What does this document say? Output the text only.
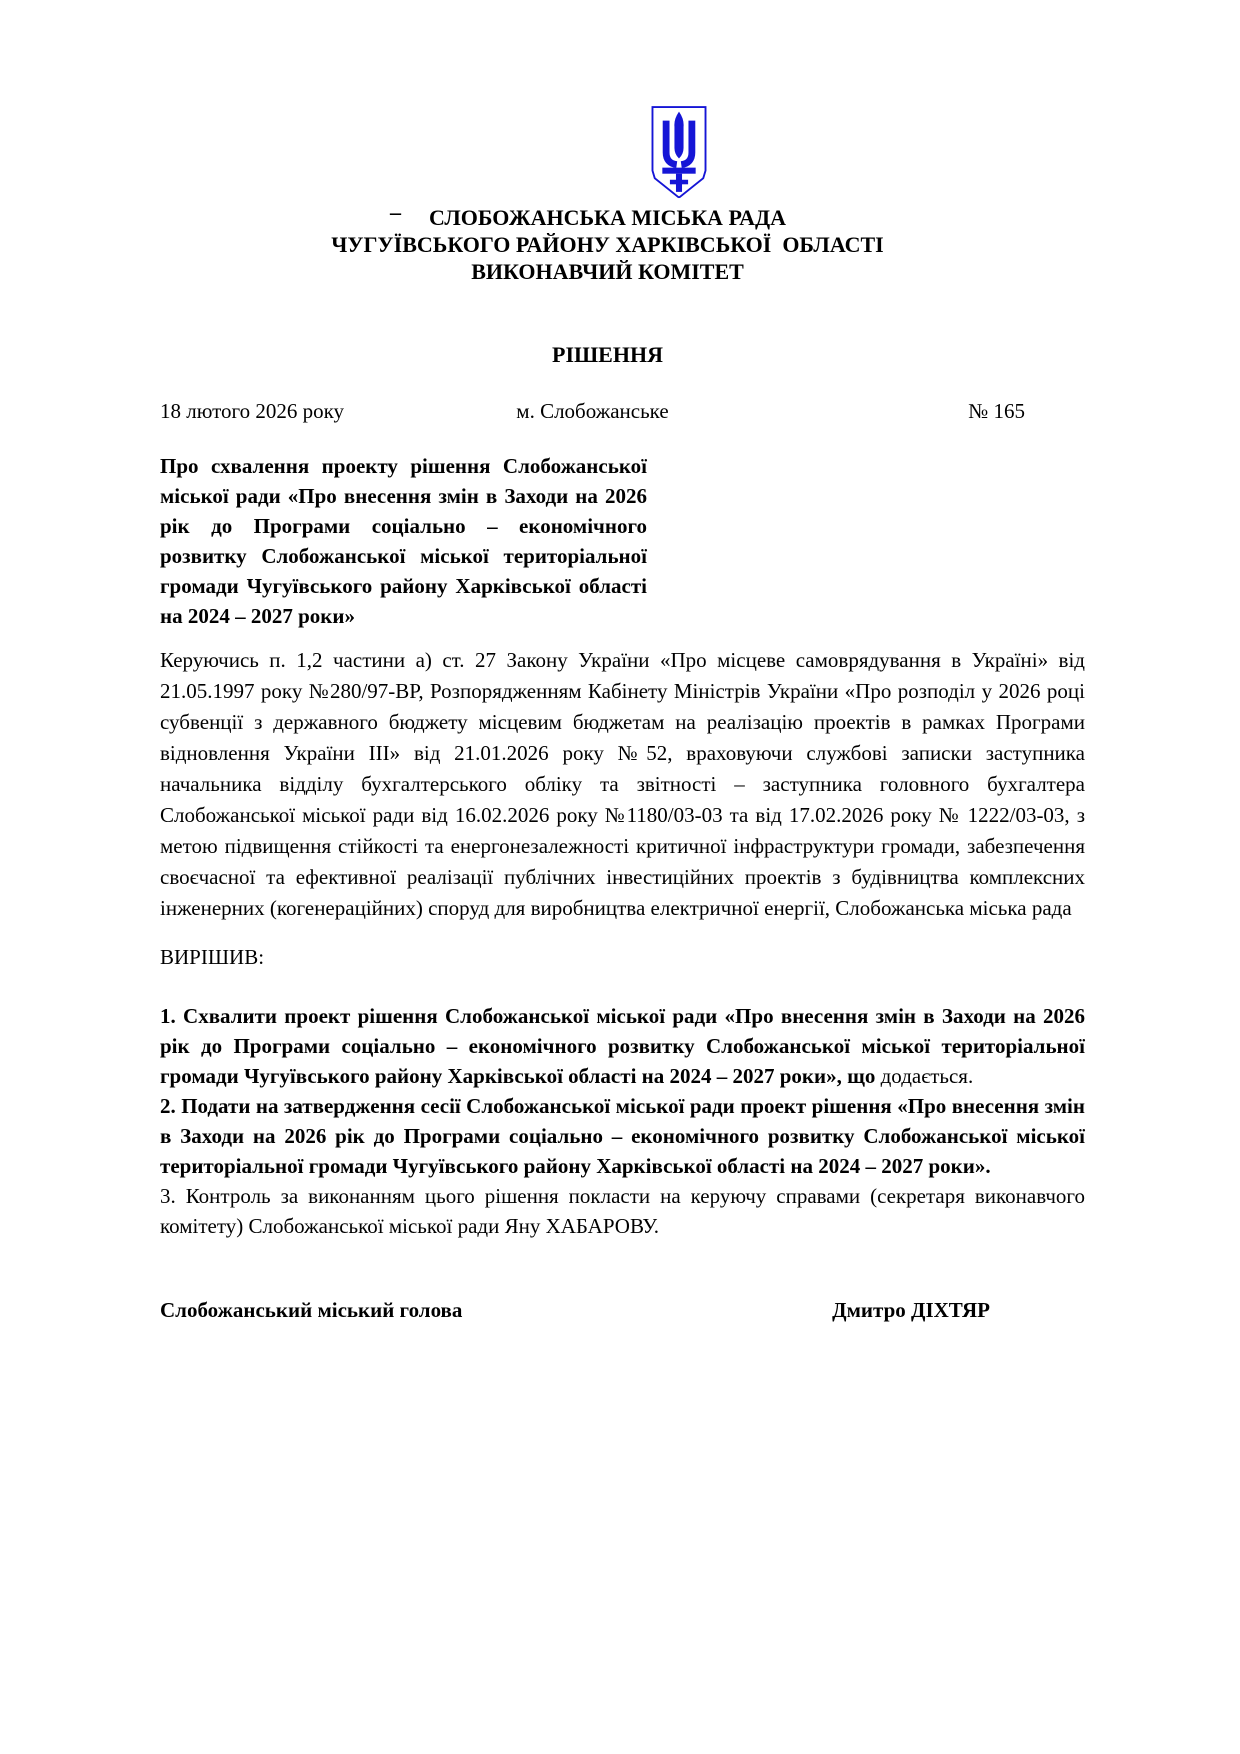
_
СЛОБОЖАНСЬКА МІСЬКА РАДА
ЧУГУЇВСЬКОГО РАЙОНУ ХАРКІВСЬКОЇ  ОБЛАСТІ
ВИКОНАВЧИЙ КОМІТЕТ
РІШЕННЯ
18 лютого 2026 року	м. Слобожанське	№ 165
Про схвалення проекту рішення Слобожанської міської ради «Про внесення змін в Заходи на 2026 рік до Програми соціально – економічного розвитку Слобожанської міської територіальної громади Чугуївського району Харківської області на 2024 – 2027 роки»

Керуючись п. 1,2 частини а) ст. 27 Закону України «Про місцеве самоврядування в Україні» від 21.05.1997 року №280/97-ВР, Розпорядженням Кабінету Міністрів України «Про розподіл у 2026 році субвенції з державного бюджету місцевим бюджетам на реалізацію проектів в рамках Програми відновлення України ІІІ» від 21.01.2026 року №52, враховуючи службові записки заступника начальника відділу бухгалтерського обліку та звітності – заступника головного бухгалтера Слобожанської міської ради від 16.02.2026 року №1180/03-03 та від 17.02.2026 року № 1222/03-03, з метою підвищення стійкості та енергонезалежності критичної інфраструктури громади, забезпечення своєчасної та ефективної реалізації публічних інвестиційних проектів з будівництва комплексних інженерних (когенераційних) споруд для виробництва електричної енергії, Слобожанська міська рада

ВИРІШИВ:

1. Схвалити проект рішення Слобожанської міської ради «Про внесення змін в Заходи на 2026 рік до Програми соціально – економічного розвитку Слобожанської міської територіальної громади Чугуївського району Харківської області на 2024 – 2027 роки», що додається.

2. Подати на затвердження сесії Слобожанської міської ради проект рішення «Про внесення змін в Заходи на 2026 рік до Програми соціально – економічного розвитку Слобожанської міської територіальної громади Чугуївського району Харківської області на 2024 – 2027 роки».

3. Контроль за виконанням цього рішення покласти на керуючу справами (секретаря виконавчого комітету) Слобожанської міської ради Яну ХАБАРОВУ.

Слобожанський міський голова	Дмитро ДІХТЯР
